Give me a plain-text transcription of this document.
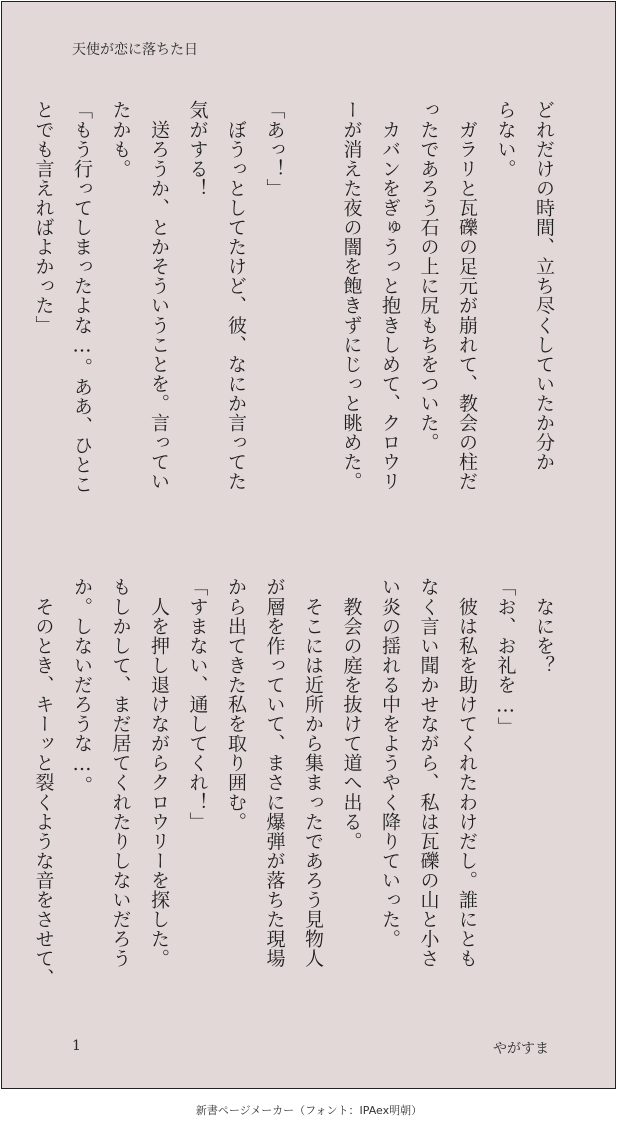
天使が恋に落ちた日
どれだけの時間、立ち尽くしていたか分か
らない。
　ガラリと瓦礫の足元が崩れて、教会の柱だ
ったであろう石の上に尻もちをついた。
　カバンをぎゅうっと抱きしめて、クロウリ
ーが消えた夜の闇を飽きずにじっと眺めた。
「あっ！」
　ぼうっとしてたけど、彼、なにか言ってた
気がする！
　送ろうか、とかそういうことを。言ってい
たかも。
「もう行ってしまったよな…。ああ、ひとこ
とでも言えればよかった」
　なにを？
「お、お礼を…」
　彼は私を助けてくれたわけだし。誰にとも
なく言い聞かせながら、私は瓦礫の山と小さ
い炎の揺れる中をようやく降りていった。
　教会の庭を抜けて道へ出る。
　そこには近所から集まったであろう見物人
が層を作っていて、まさに爆弾が落ちた現場
から出てきた私を取り囲む。
「すまない、通してくれ！」
　人を押し退けながらクロウリーを探した。
もしかして、まだ居てくれたりしないだろう
か。しないだろうな…。
　そのとき、キーッと裂くような音をさせて、
1	やがすま
新書ページメーカー（フォント：IPAex明朝）
